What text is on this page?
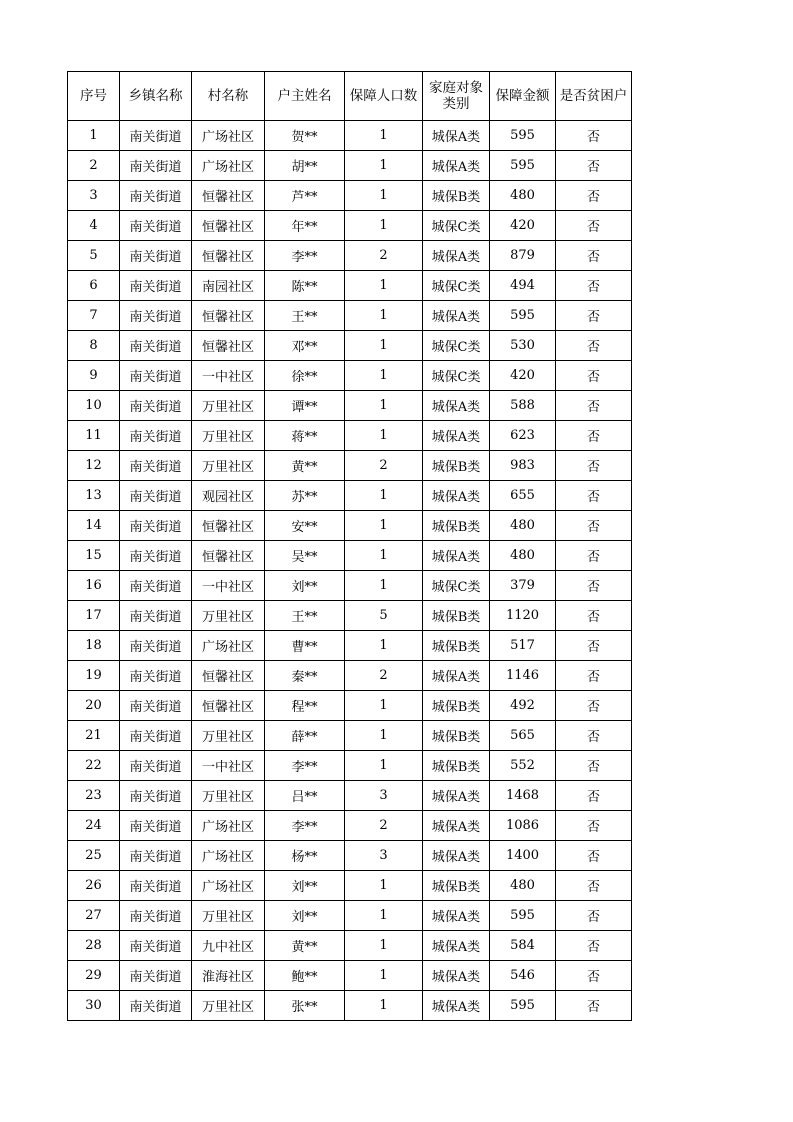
序号	乡镇名称	村名称	户主姓名	保障人口数	家庭对象类别	保障金额	是否贫困户
1	南关街道	广场社区	贺**	1	城保A类	595	否
2	南关街道	广场社区	胡**	1	城保A类	595	否
3	南关街道	恒馨社区	芦**	1	城保B类	480	否
4	南关街道	恒馨社区	年**	1	城保C类	420	否
5	南关街道	恒馨社区	李**	2	城保A类	879	否
6	南关街道	南园社区	陈**	1	城保C类	494	否
7	南关街道	恒馨社区	王**	1	城保A类	595	否
8	南关街道	恒馨社区	邓**	1	城保C类	530	否
9	南关街道	一中社区	徐**	1	城保C类	420	否
10	南关街道	万里社区	谭**	1	城保A类	588	否
11	南关街道	万里社区	蒋**	1	城保A类	623	否
12	南关街道	万里社区	黄**	2	城保B类	983	否
13	南关街道	观园社区	苏**	1	城保A类	655	否
14	南关街道	恒馨社区	安**	1	城保B类	480	否
15	南关街道	恒馨社区	吴**	1	城保A类	480	否
16	南关街道	一中社区	刘**	1	城保C类	379	否
17	南关街道	万里社区	王**	5	城保B类	1120	否
18	南关街道	广场社区	曹**	1	城保B类	517	否
19	南关街道	恒馨社区	秦**	2	城保A类	1146	否
20	南关街道	恒馨社区	程**	1	城保B类	492	否
21	南关街道	万里社区	薛**	1	城保B类	565	否
22	南关街道	一中社区	李**	1	城保B类	552	否
23	南关街道	万里社区	吕**	3	城保A类	1468	否
24	南关街道	广场社区	李**	2	城保A类	1086	否
25	南关街道	广场社区	杨**	3	城保A类	1400	否
26	南关街道	广场社区	刘**	1	城保B类	480	否
27	南关街道	万里社区	刘**	1	城保A类	595	否
28	南关街道	九中社区	黄**	1	城保A类	584	否
29	南关街道	淮海社区	鲍**	1	城保A类	546	否
30	南关街道	万里社区	张**	1	城保A类	595	否
